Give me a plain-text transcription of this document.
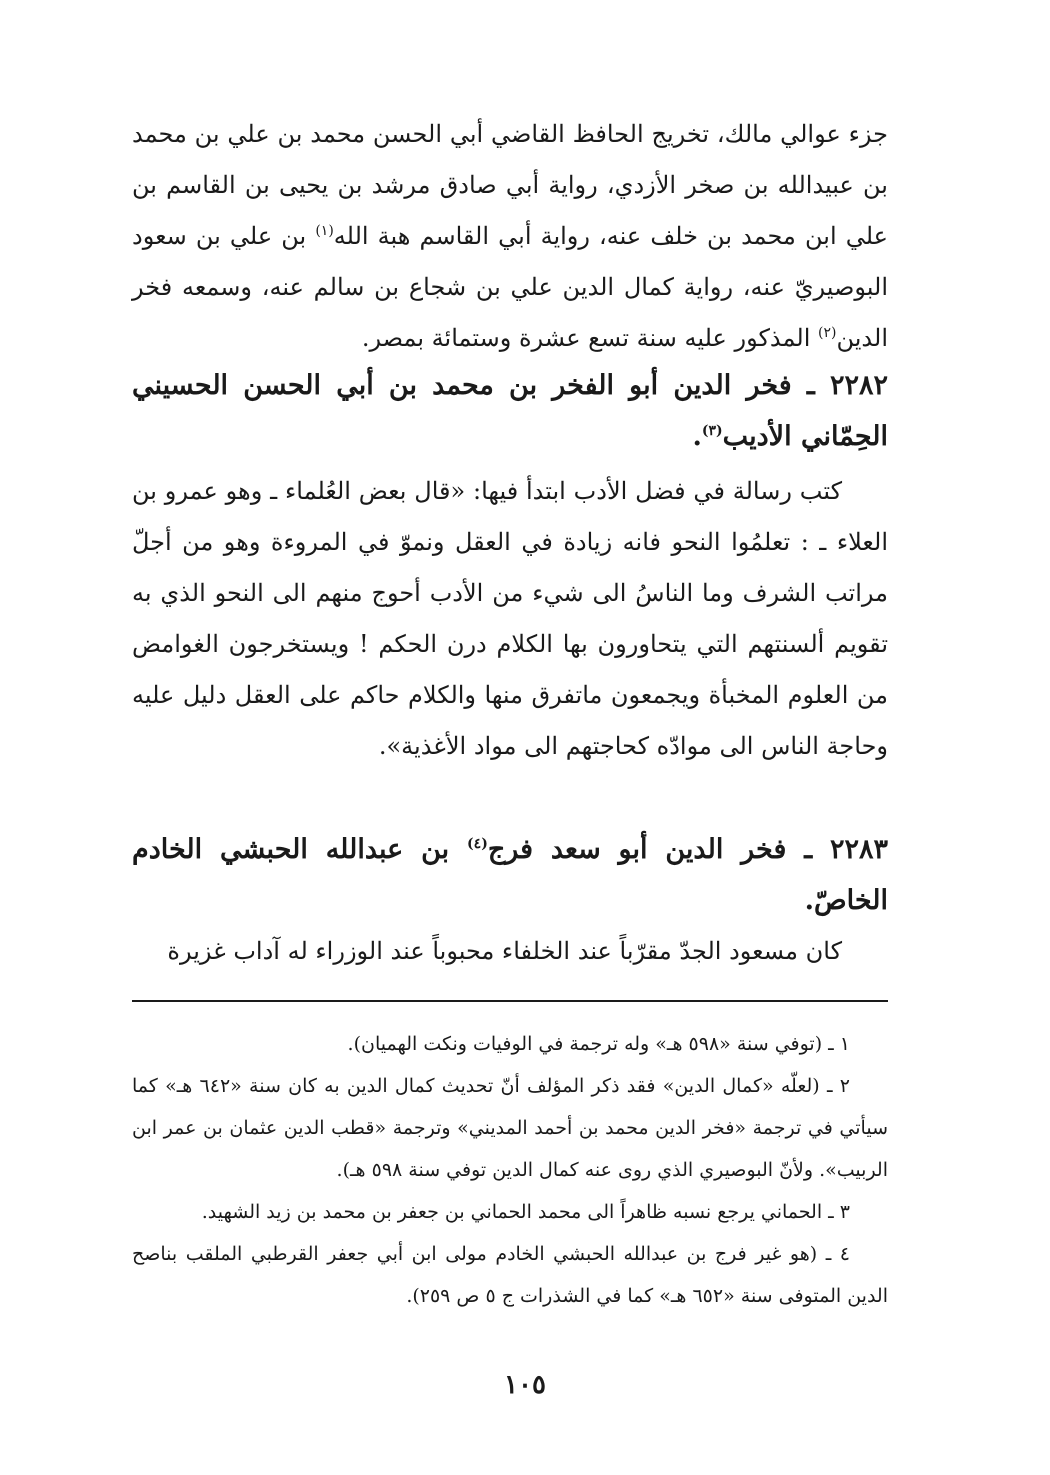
جزء عوالي مالك، تخريج الحافظ القاضي أبي الحسن محمد بن علي بن محمد بن عبيدالله بن صخر الأزدي، رواية أبي صادق مرشد بن يحيى بن القاسم بن علي ابن محمد بن خلف عنه، رواية أبي القاسم هبة الله$^{(١)}$ بن علي بن سعود البوصيريّ عنه، رواية كمال الدين علي بن شجاع بن سالم عنه، وسمعه فخر الدين$^{(٢)}$ المذكور عليه سنة تسع عشرة وستمائة بمصر.

٢٢٨٢ ـ فخر الدين أبو الفخر بن محمد بن أبي الحسن الحسيني الحِمّاني الأديب$^{(٣)}$.

كتب رسالة في فضل الأدب ابتدأ فيها: «قال بعض العُلماء ـ وهو عمرو بن العلاء ـ : تعلمُوا النحو فانه زيادة في العقل ونموّ في المروءة وهو من أجلّ مراتب الشرف وما الناسُ الى شيء من الأدب أحوج منهم الى النحو الذي به تقويم ألسنتهم التي يتحاورون بها الكلام درن الحكم ! ويستخرجون الغوامض من العلوم المخبأة ويجمعون ماتفرق منها والكلام حاكم على العقل دليل عليه وحاجة الناس الى موادّه كحاجتهم الى مواد الأغذية».

٢٢٨٣ ـ فخر الدين أبو سعد فرج$^{(٤)}$ بن عبدالله الحبشي الخادم الخاصّ.

كان مسعود الجدّ مقرّباً عند الخلفاء محبوباً عند الوزراء له آداب غزيرة

١ ـ (توفي سنة «٥٩٨ هـ» وله ترجمة في الوفيات ونكت الهميان).

٢ ـ (لعلّه «كمال الدين» فقد ذكر المؤلف أنّ تحديث كمال الدين به كان سنة «٦٤٢ هـ» كما سيأتي في ترجمة «فخر الدين محمد بن أحمد المديني» وترجمة «قطب الدين عثمان بن عمر ابن الربيب». ولأنّ البوصيري الذي روى عنه كمال الدين توفي سنة ٥٩٨ هـ).

٣ ـ الحماني يرجع نسبه ظاهراً الى محمد الحماني بن جعفر بن محمد بن زيد الشهيد.

٤ ـ (هو غير فرج بن عبدالله الحبشي الخادم مولى ابن أبي جعفر القرطبي الملقب بناصح الدين المتوفى سنة «٦٥٢ هـ» كما في الشذرات ج ٥ ص ٢٥٩).

١٠٥
